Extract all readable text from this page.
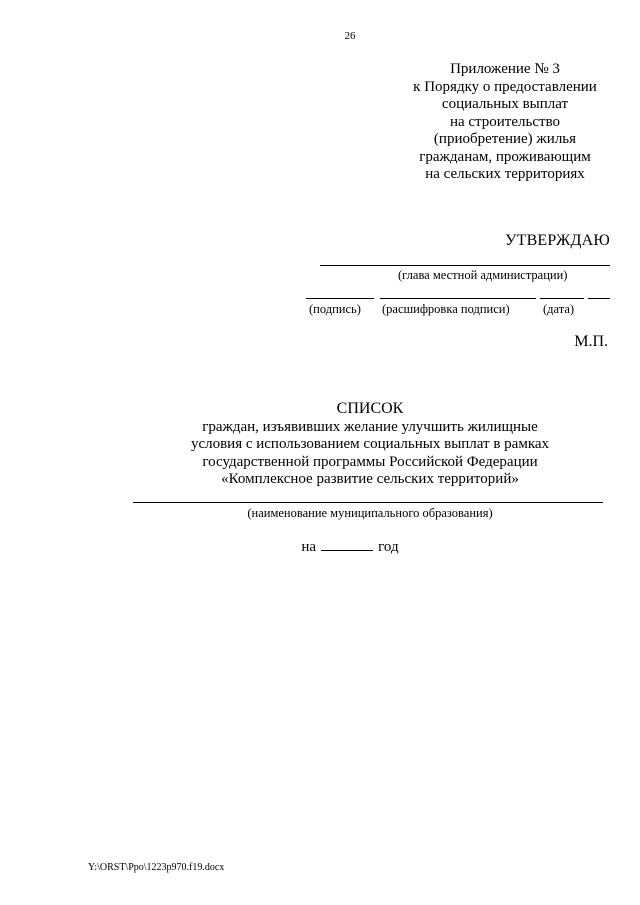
26
Приложение № 3
к Порядку о предоставлении
социальных выплат
на строительство
(приобретение) жилья
гражданам, проживающим
на сельских территориях
УТВЕРЖДАЮ
(глава местной администрации)
(подпись) (расшифровка подписи)	(дата)
М.П.
СПИСОК
граждан, изъявивших желание улучшить жилищные
условия с использованием социальных выплат в рамках
государственной программы Российской Федерации
«Комплексное развитие сельских территорий»
(наименование муниципального образования)
на	год
Y:\ORST\Ppo\1223p970.f19.docx
